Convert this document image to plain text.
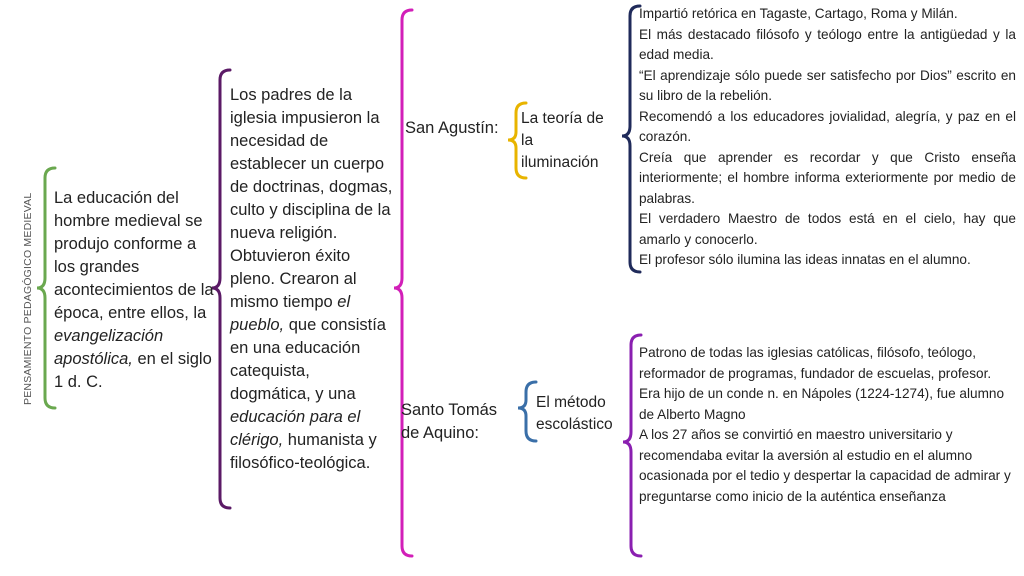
PENSAMIENTO PEDAGÓGICO MEDIEVAL La educación del hombre medieval se produjo conforme a los grandes acontecimientos de la época, entre ellos, la evangelización apostólica, en el siglo 1 d. C.
Los padres de la iglesia impusieron la necesidad de establecer un cuerpo de doctrinas, dogmas, culto y disciplina de la nueva religión. Obtuvieron éxito pleno. Crearon al mismo tiempo el pueblo, que consistía en una educación catequista, dogmática, y una educación para el clérigo, humanista y filosófico-teológica.
San Agustín:
La teoría de la iluminación

Impartió retórica en Tagaste, Cartago, Roma y Milán.

El más destacado filósofo y teólogo entre la antigüedad y la edad media.

“El aprendizaje sólo puede ser satisfecho por Dios” escrito en su libro de la rebelión.

Recomendó a los educadores jovialidad, alegría, y paz en el corazón.

Creía que aprender es recordar y que Cristo enseña interiormente; el hombre informa exteriormente por medio de palabras.

El verdadero Maestro de todos está en el cielo, hay que amarlo y conocerlo.

El profesor sólo ilumina las ideas innatas en el alumno.

Santo Tomás de Aquino:
El método escolástico

Patrono de todas las iglesias católicas, filósofo, teólogo, reformador de programas, fundador de escuelas, profesor.

Era hijo de un conde n. en Nápoles (1224-1274), fue alumno de Alberto Magno

A los 27 años se convirtió en maestro universitario y recomendaba evitar la aversión al estudio en el alumno ocasionada por el tedio y despertar la capacidad de admirar y preguntarse como inicio de la auténtica enseñanza
